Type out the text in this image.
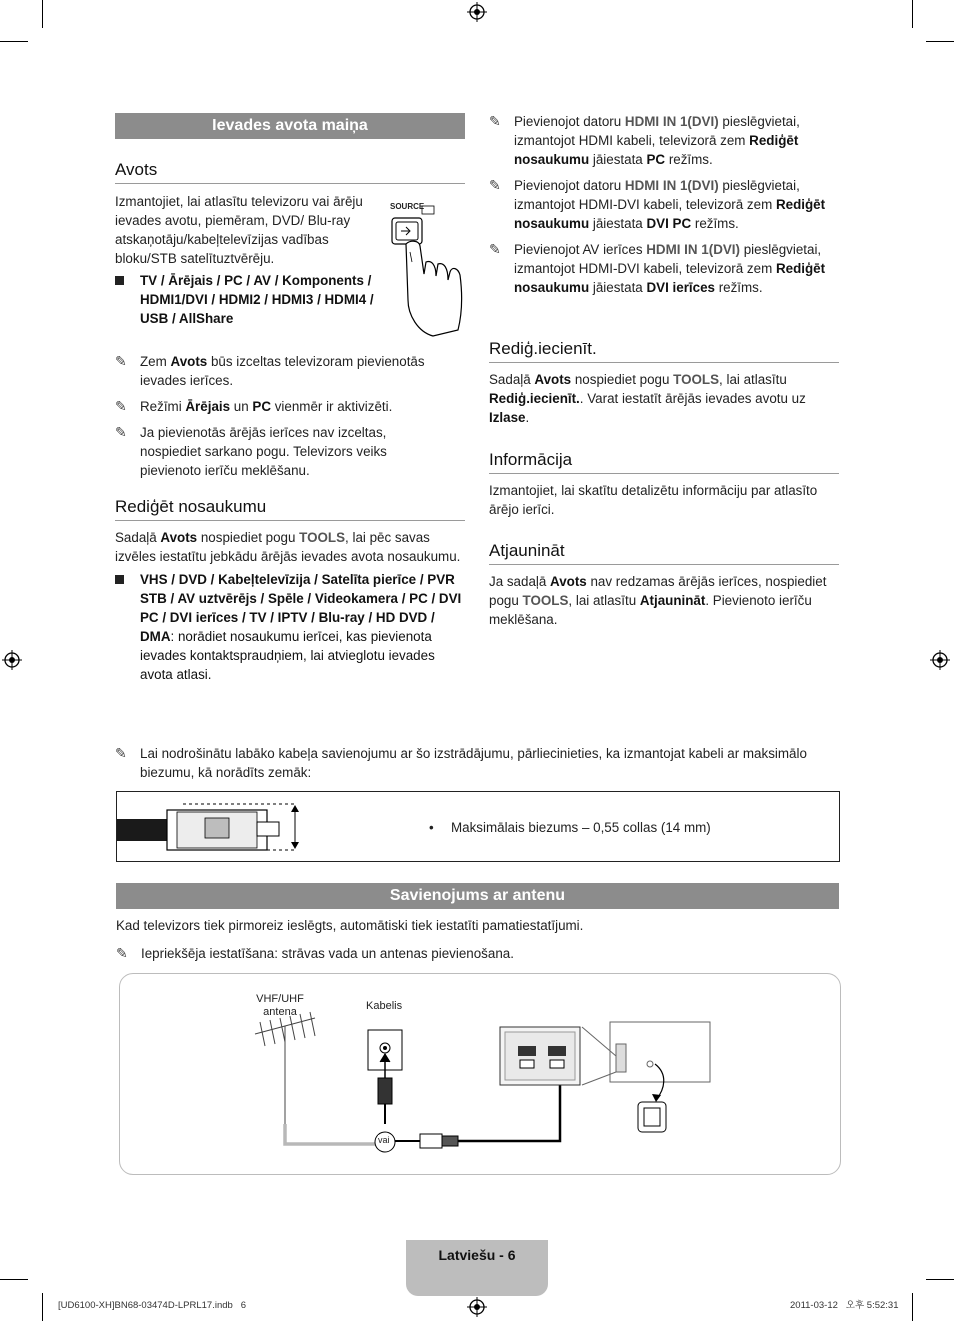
Ievades avota maiņa
Avots

Izmantojiet, lai atlasītu televizoru vai ārēju ievades avotu, piemēram, DVD/ Blu-ray atskaņotāju/kabeļtelevīzijas vadības bloku/STB satelītuztvērēju.

SOURCE
TV / Ārējais / PC / AV / Komponents / HDMI1/DVI / HDMI2 / HDMI3 / HDMI4 / USB / AllShare
✎ Zem Avots būs izceltas televizoram pievienotās ievades ierīces.
✎ Režīmi Ārējais un PC vienmēr ir aktivizēti.
✎ Ja pievienotās ārējās ierīces nav izceltas, nospiediet sarkano pogu. Televizors veiks pievienoto ierīču meklēšanu.
Rediģēt nosaukumu

Sadaļā Avots nospiediet pogu TOOLS, lai pēc savas izvēles iestatītu jebkādu ārējās ievades avota nosaukumu.

VHS / DVD / Kabeļtelevīzija / Satelīta pierīce / PVR STB / AV uztvērējs / Spēle / Videokamera / PC / DVI PC / DVI ierīces / TV / IPTV / Blu-ray / HD DVD / DMA: norādiet nosaukumu ierīcei, kas pievienota ievades kontaktspraudņiem, lai atvieglotu ievades avota atlasi.
✎ Pievienojot datoru HDMI IN 1(DVI) pieslēgvietai, izmantojot HDMI kabeli, televizorā zem Rediģēt nosaukumu jāiestata PC režīms.
✎ Pievienojot datoru HDMI IN 1(DVI) pieslēgvietai, izmantojot HDMI-DVI kabeli, televizorā zem Rediģēt nosaukumu jāiestata DVI PC režīms.
✎ Pievienojot AV ierīces HDMI IN 1(DVI) pieslēgvietai, izmantojot HDMI-DVI kabeli, televizorā zem Rediģēt nosaukumu jāiestata DVI ierīces režīms.
Rediģ.iecienīt.

Sadaļā Avots nospiediet pogu TOOLS, lai atlasītu Rediģ.iecienīt.. Varat iestatīt ārējās ievades avotu uz Izlase.

Informācija

Izmantojiet, lai skatītu detalizētu informāciju par atlasīto ārējo ierīci.

Atjaunināt

Ja sadaļā Avots nav redzamas ārējās ierīces, nospiediet pogu TOOLS, lai atlasītu Atjaunināt. Pievienoto ierīču meklēšana.

✎ Lai nodrošinātu labāko kabeļa savienojumu ar šo izstrādājumu, pārliecinieties, ka izmantojat kabeli ar maksimālo biezumu, kā norādīts zemāk:
• Maksimālais biezums – 0,55 collas (14 mm)
Savienojums ar antenu

Kad televizors tiek pirmoreiz ieslēgts, automātiski tiek iestatīti pamatiestatījumi.

✎ Iepriekšēja iestatīšana: strāvas vada un antenas pievienošana.
VHF/UHF
antena	Kabelis
vai
Latviešu - 6
[UD6100-XH]BN68-03474D-LPRL17.indb   6	2011-03-12   오후 5:52:31
